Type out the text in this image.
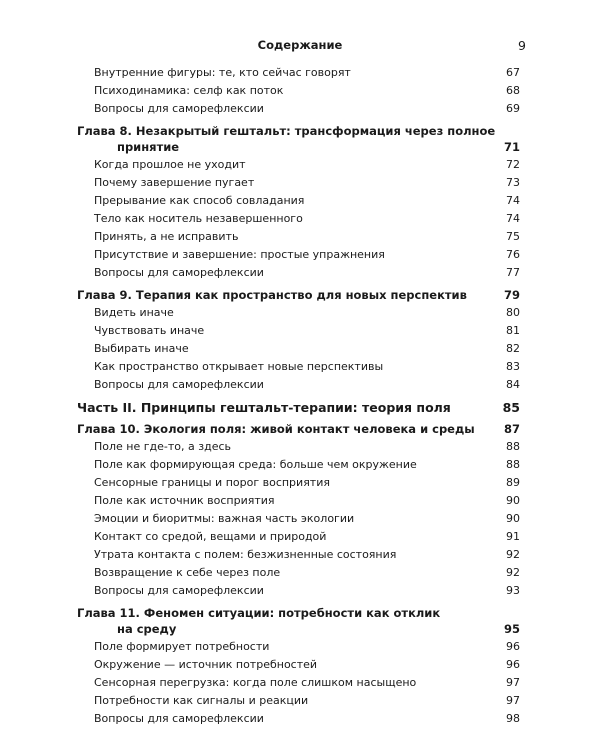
Содержание	9
Внутренние фигуры: те, кто сейчас говорят	67
Психодинамика: селф как поток	68
Вопросы для саморефлексии	69
Глава 8. Незакрытый гештальт: трансформация через полное
принятие	71
Когда прошлое не уходит	72
Почему завершение пугает	73
Прерывание как способ совладания	74
Тело как носитель незавершенного	74
Принять, а не исправить	75
Присутствие и завершение: простые упражнения	76
Вопросы для саморефлексии	77
Глава 9. Терапия как пространство для новых перспектив	79
Видеть иначе	80
Чувствовать иначе	81
Выбирать иначе	82
Как пространство открывает новые перспективы	83
Вопросы для саморефлексии	84
Часть II. Принципы гештальт-терапии: теория поля	85
Глава 10. Экология поля: живой контакт человека и среды	87
Поле не где-то, а здесь	88
Поле как формирующая среда: больше чем окружение	88
Сенсорные границы и порог восприятия	89
Поле как источник восприятия	90
Эмоции и биоритмы: важная часть экологии	90
Контакт со средой, вещами и природой	91
Утрата контакта с полем: безжизненные состояния	92
Возвращение к себе через поле	92
Вопросы для саморефлексии	93
Глава 11. Феномен ситуации: потребности как отклик
на среду	95
Поле формирует потребности	96
Окружение — источник потребностей	96
Сенсорная перегрузка: когда поле слишком насыщено	97
Потребности как сигналы и реакции	97
Вопросы для саморефлексии	98
